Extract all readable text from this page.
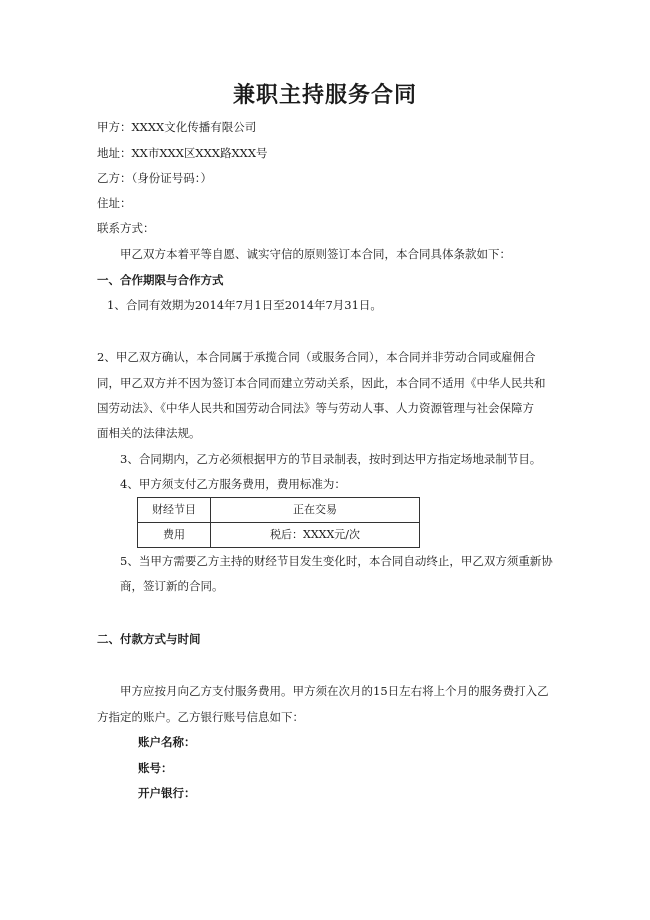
兼职主持服务合同
甲方：XXXX文化传播有限公司
地址：XX市XXX区XXX路XXX号
乙方：（身份证号码：）
住址：
联系方式：
甲乙双方本着平等自愿、诚实守信的原则签订本合同，本合同具体条款如下：
一、合作期限与合作方式
1、合同有效期为2014年7月1日至2014年7月31日。
2、甲乙双方确认，本合同属于承揽合同（或服务合同），本合同并非劳动合同或雇佣合
同，甲乙双方并不因为签订本合同而建立劳动关系，因此，本合同不适用《中华人民共和
国劳动法》、《中华人民共和国劳动合同法》等与劳动人事、人力资源管理与社会保障方
面相关的法律法规。
3、合同期内，乙方必须根据甲方的节目录制表，按时到达甲方指定场地录制节目。
4、甲方须支付乙方服务费用，费用标准为：
财经节目	正在交易
费用	税后：XXXX元/次
5、当甲方需要乙方主持的财经节目发生变化时，本合同自动终止，甲乙双方须重新协
商，签订新的合同。
二、付款方式与时间
甲方应按月向乙方支付服务费用。甲方须在次月的15日左右将上个月的服务费打入乙
方指定的账户。乙方银行账号信息如下：
账户名称：
账号：
开户银行：
